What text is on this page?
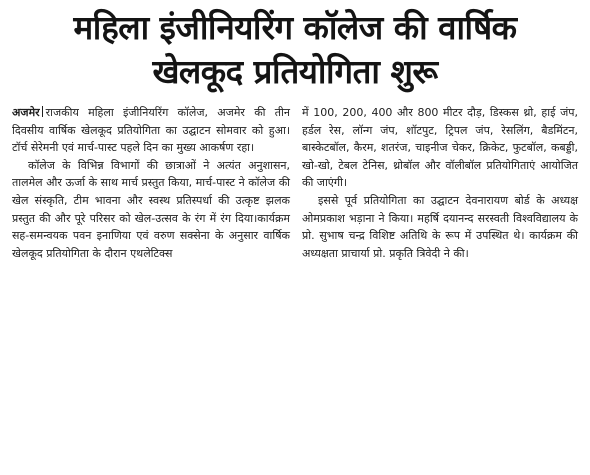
महिला इंजीनियरिंग कॉलेज की वार्षिक
खेलकूद प्रतियोगिता शुरू

अजमेर राजकीय महिला इंजीनियरिंग कॉलेज, अजमेर की तीन दिवसीय वार्षिक खेलकूद प्रतियोगिता का उद्घाटन सोमवार को हुआ। टॉर्च सेरेमनी एवं मार्च-पास्ट पहले दिन का मुख्य आकर्षण रहा।

कॉलेज के विभिन्न विभागों की छात्राओं ने अत्यंत अनुशासन, तालमेल और ऊर्जा के साथ मार्च प्रस्तुत किया, मार्च-पास्ट ने कॉलेज की खेल संस्कृति, टीम भावना और स्वस्थ प्रतिस्पर्धा की उत्कृष्ट झलक प्रस्तुत की और पूरे परिसर को खेल-उत्सव के रंग में रंग दिया।कार्यक्रम सह-समन्वयक पवन इनाणिया एवं वरुण सक्सेना के अनुसार वार्षिक खेलकूद प्रतियोगिता के दौरान एथलेटिक्स

में 100, 200, 400 और 800 मीटर दौड़, डिस्कस थ्रो, हाई जंप, हर्डल रेस, लॉन्ग जंप, शॉटपुट, ट्रिपल जंप, रेसलिंग, बैडमिंटन, बास्केटबॉल, कैरम, शतरंज, चाइनीज चेकर, क्रिकेट, फुटबॉल, कबड्डी, खो-खो, टेबल टेनिस, थ्रोबॉल और वॉलीबॉल प्रतियोगिताएं आयोजित की जाएंगी।

इससे पूर्व प्रतियोगिता का उद्घाटन देवनारायण बोर्ड के अध्यक्ष ओमप्रकाश भड़ाना ने किया। महर्षि दयानन्द सरस्वती विश्वविद्यालय के प्रो. सुभाष चन्द्र विशिष्ट अतिथि के रूप में उपस्थित थे। कार्यक्रम की अध्यक्षता प्राचार्या प्रो. प्रकृति त्रिवेदी ने की।
